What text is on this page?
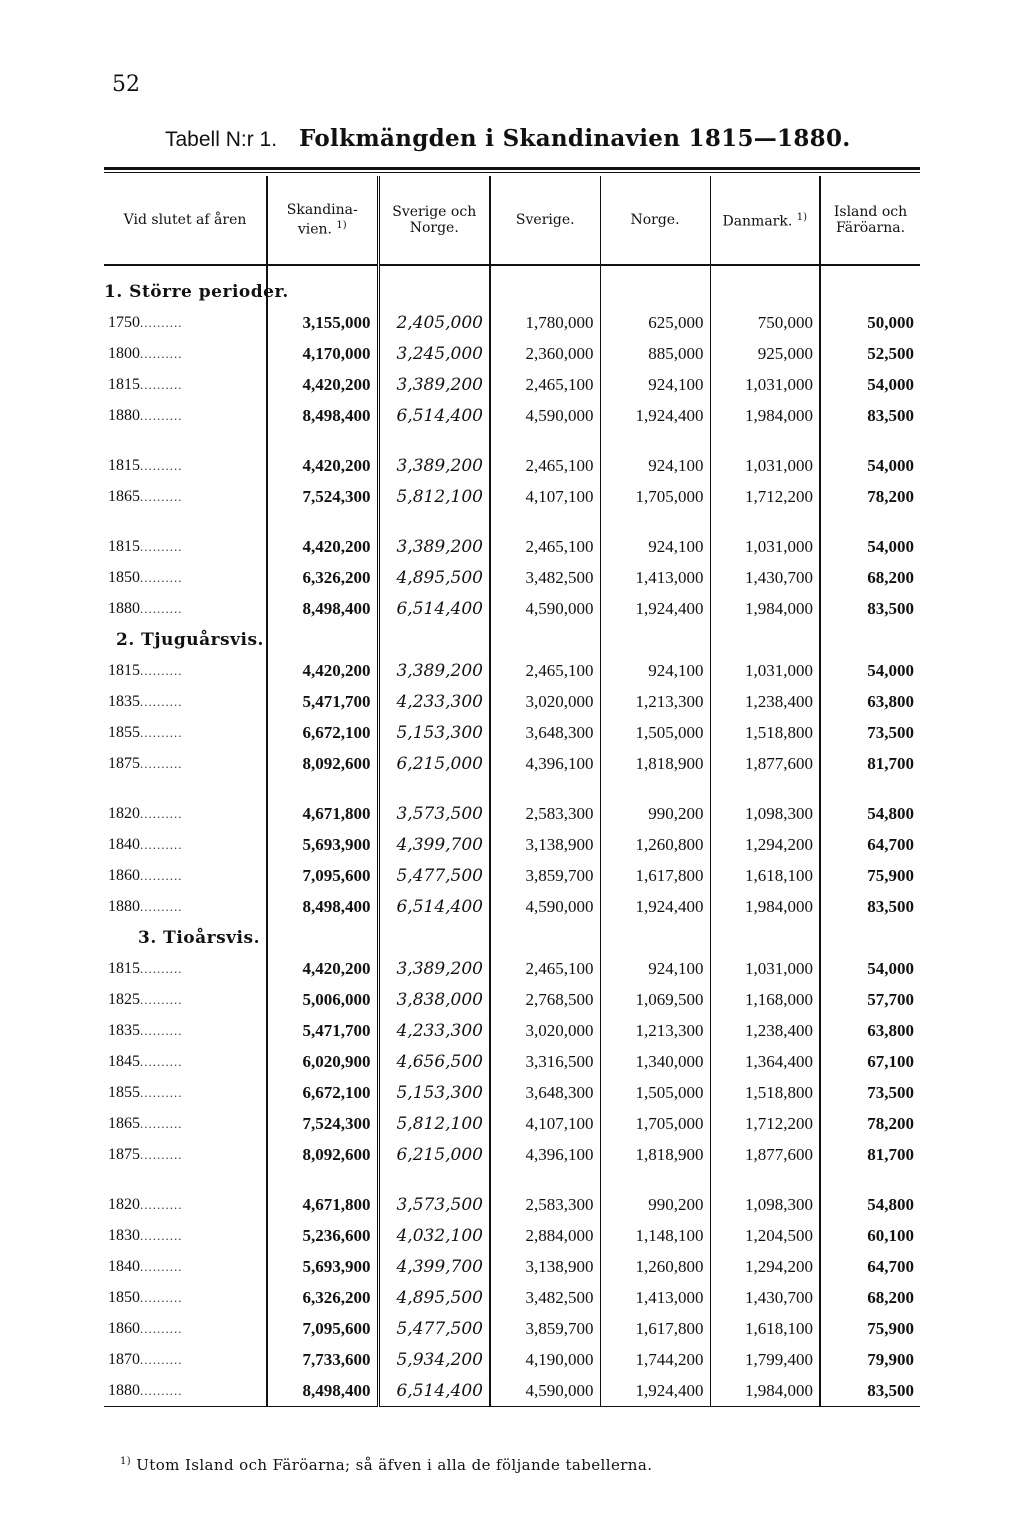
52
Tabell N:r 1. Folkmängden i Skandinavien 1815—1880.
Vid slutet af åren	Skandina-vien. $^{1)}$	Sverige och Norge.	Sverige.	Norge.	Danmark. $^{1)}$	Island och Färöarna.

1. Större perioder.						
1750..........	3,155,000	2,405,000	1,780,000	625,000	750,000	50,000
1800..........	4,170,000	3,245,000	2,360,000	885,000	925,000	52,500
1815..........	4,420,200	3,389,200	2,465,100	924,100	1,031,000	54,000
1880..........	8,498,400	6,514,400	4,590,000	1,924,400	1,984,000	83,500

1815..........	4,420,200	3,389,200	2,465,100	924,100	1,031,000	54,000
1865..........	7,524,300	5,812,100	4,107,100	1,705,000	1,712,200	78,200

1815..........	4,420,200	3,389,200	2,465,100	924,100	1,031,000	54,000
1850..........	6,326,200	4,895,500	3,482,500	1,413,000	1,430,700	68,200
1880..........	8,498,400	6,514,400	4,590,000	1,924,400	1,984,000	83,500
2. Tjuguårsvis.						
1815..........	4,420,200	3,389,200	2,465,100	924,100	1,031,000	54,000
1835..........	5,471,700	4,233,300	3,020,000	1,213,300	1,238,400	63,800
1855..........	6,672,100	5,153,300	3,648,300	1,505,000	1,518,800	73,500
1875..........	8,092,600	6,215,000	4,396,100	1,818,900	1,877,600	81,700

1820..........	4,671,800	3,573,500	2,583,300	990,200	1,098,300	54,800
1840..........	5,693,900	4,399,700	3,138,900	1,260,800	1,294,200	64,700
1860..........	7,095,600	5,477,500	3,859,700	1,617,800	1,618,100	75,900
1880..........	8,498,400	6,514,400	4,590,000	1,924,400	1,984,000	83,500
3. Tioårsvis.						
1815..........	4,420,200	3,389,200	2,465,100	924,100	1,031,000	54,000
1825..........	5,006,000	3,838,000	2,768,500	1,069,500	1,168,000	57,700
1835..........	5,471,700	4,233,300	3,020,000	1,213,300	1,238,400	63,800
1845..........	6,020,900	4,656,500	3,316,500	1,340,000	1,364,400	67,100
1855..........	6,672,100	5,153,300	3,648,300	1,505,000	1,518,800	73,500
1865..........	7,524,300	5,812,100	4,107,100	1,705,000	1,712,200	78,200
1875..........	8,092,600	6,215,000	4,396,100	1,818,900	1,877,600	81,700

1820..........	4,671,800	3,573,500	2,583,300	990,200	1,098,300	54,800
1830..........	5,236,600	4,032,100	2,884,000	1,148,100	1,204,500	60,100
1840..........	5,693,900	4,399,700	3,138,900	1,260,800	1,294,200	64,700
1850..........	6,326,200	4,895,500	3,482,500	1,413,000	1,430,700	68,200
1860..........	7,095,600	5,477,500	3,859,700	1,617,800	1,618,100	75,900
1870..........	7,733,600	5,934,200	4,190,000	1,744,200	1,799,400	79,900
1880..........	8,498,400	6,514,400	4,590,000	1,924,400	1,984,000	83,500
$^{1)}$ Utom Island och Färöarna; så äfven i alla de följande tabellerna.
